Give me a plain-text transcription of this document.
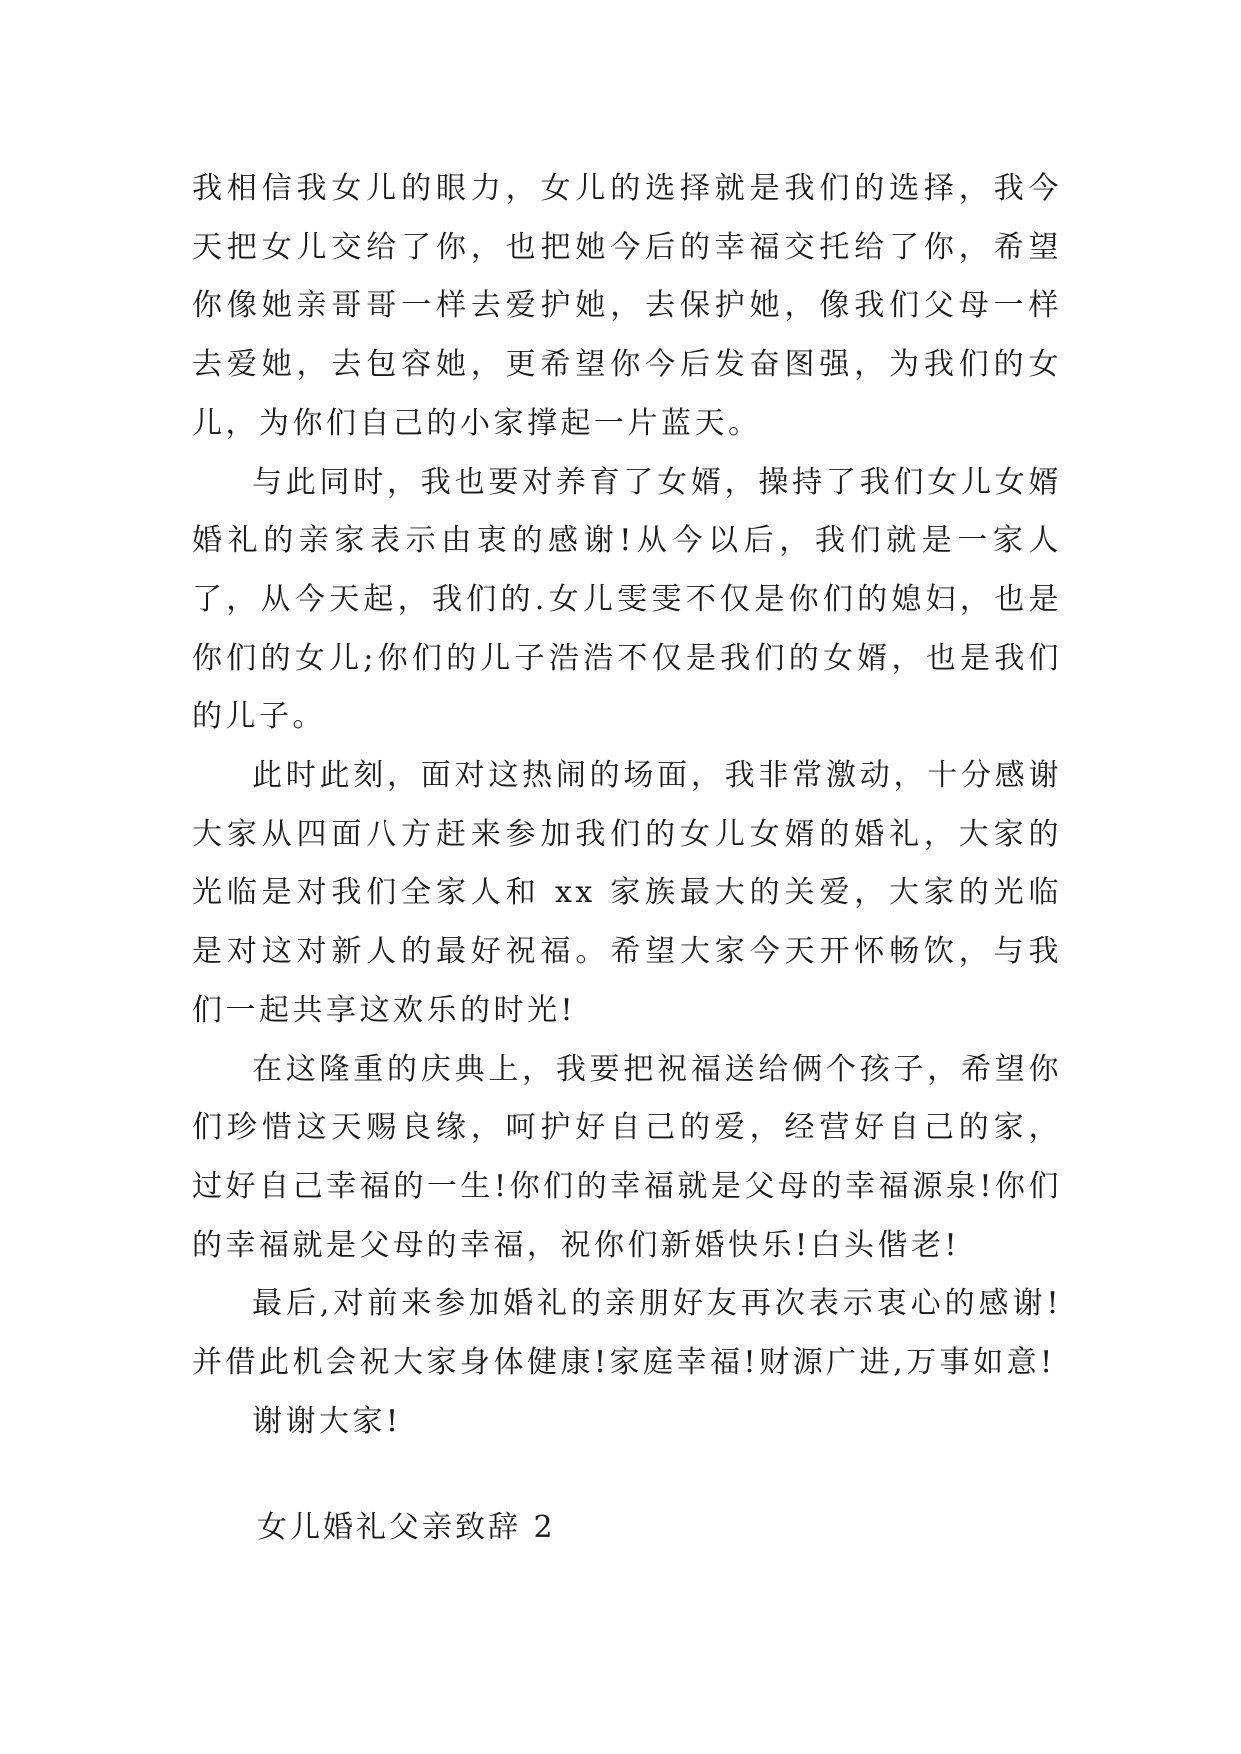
我相信我女儿的眼力，女儿的选择就是我们的选择，我今天把女儿交给了你，也把她今后的幸福交托给了你，希望你像她亲哥哥一样去爱护她，去保护她，像我们父母一样去爱她，去包容她，更希望你今后发奋图强，为我们的女儿，为你们自己的小家撑起一片蓝天。

与此同时，我也要对养育了女婿，操持了我们女儿女婿婚礼的亲家表示由衷的感谢!从今以后，我们就是一家人了，从今天起，我们的.女儿雯雯不仅是你们的媳妇，也是你们的女儿;你们的儿子浩浩不仅是我们的女婿，也是我们的儿子。

此时此刻，面对这热闹的场面，我非常激动，十分感谢大家从四面八方赶来参加我们的女儿女婿的婚礼，大家的光临是对我们全家人和 xx 家族最大的关爱，大家的光临是对这对新人的最好祝福。希望大家今天开怀畅饮，与我们一起共享这欢乐的时光!

在这隆重的庆典上，我要把祝福送给俩个孩子，希望你们珍惜这天赐良缘，呵护好自己的爱，经营好自己的家，过好自己幸福的一生!你们的幸福就是父母的幸福源泉!你们的幸福就是父母的幸福，祝你们新婚快乐!白头偕老!

最后,对前来参加婚礼的亲朋好友再次表示衷心的感谢!并借此机会祝大家身体健康!家庭幸福!财源广进,万事如意!

谢谢大家!

女儿婚礼父亲致辞 2
